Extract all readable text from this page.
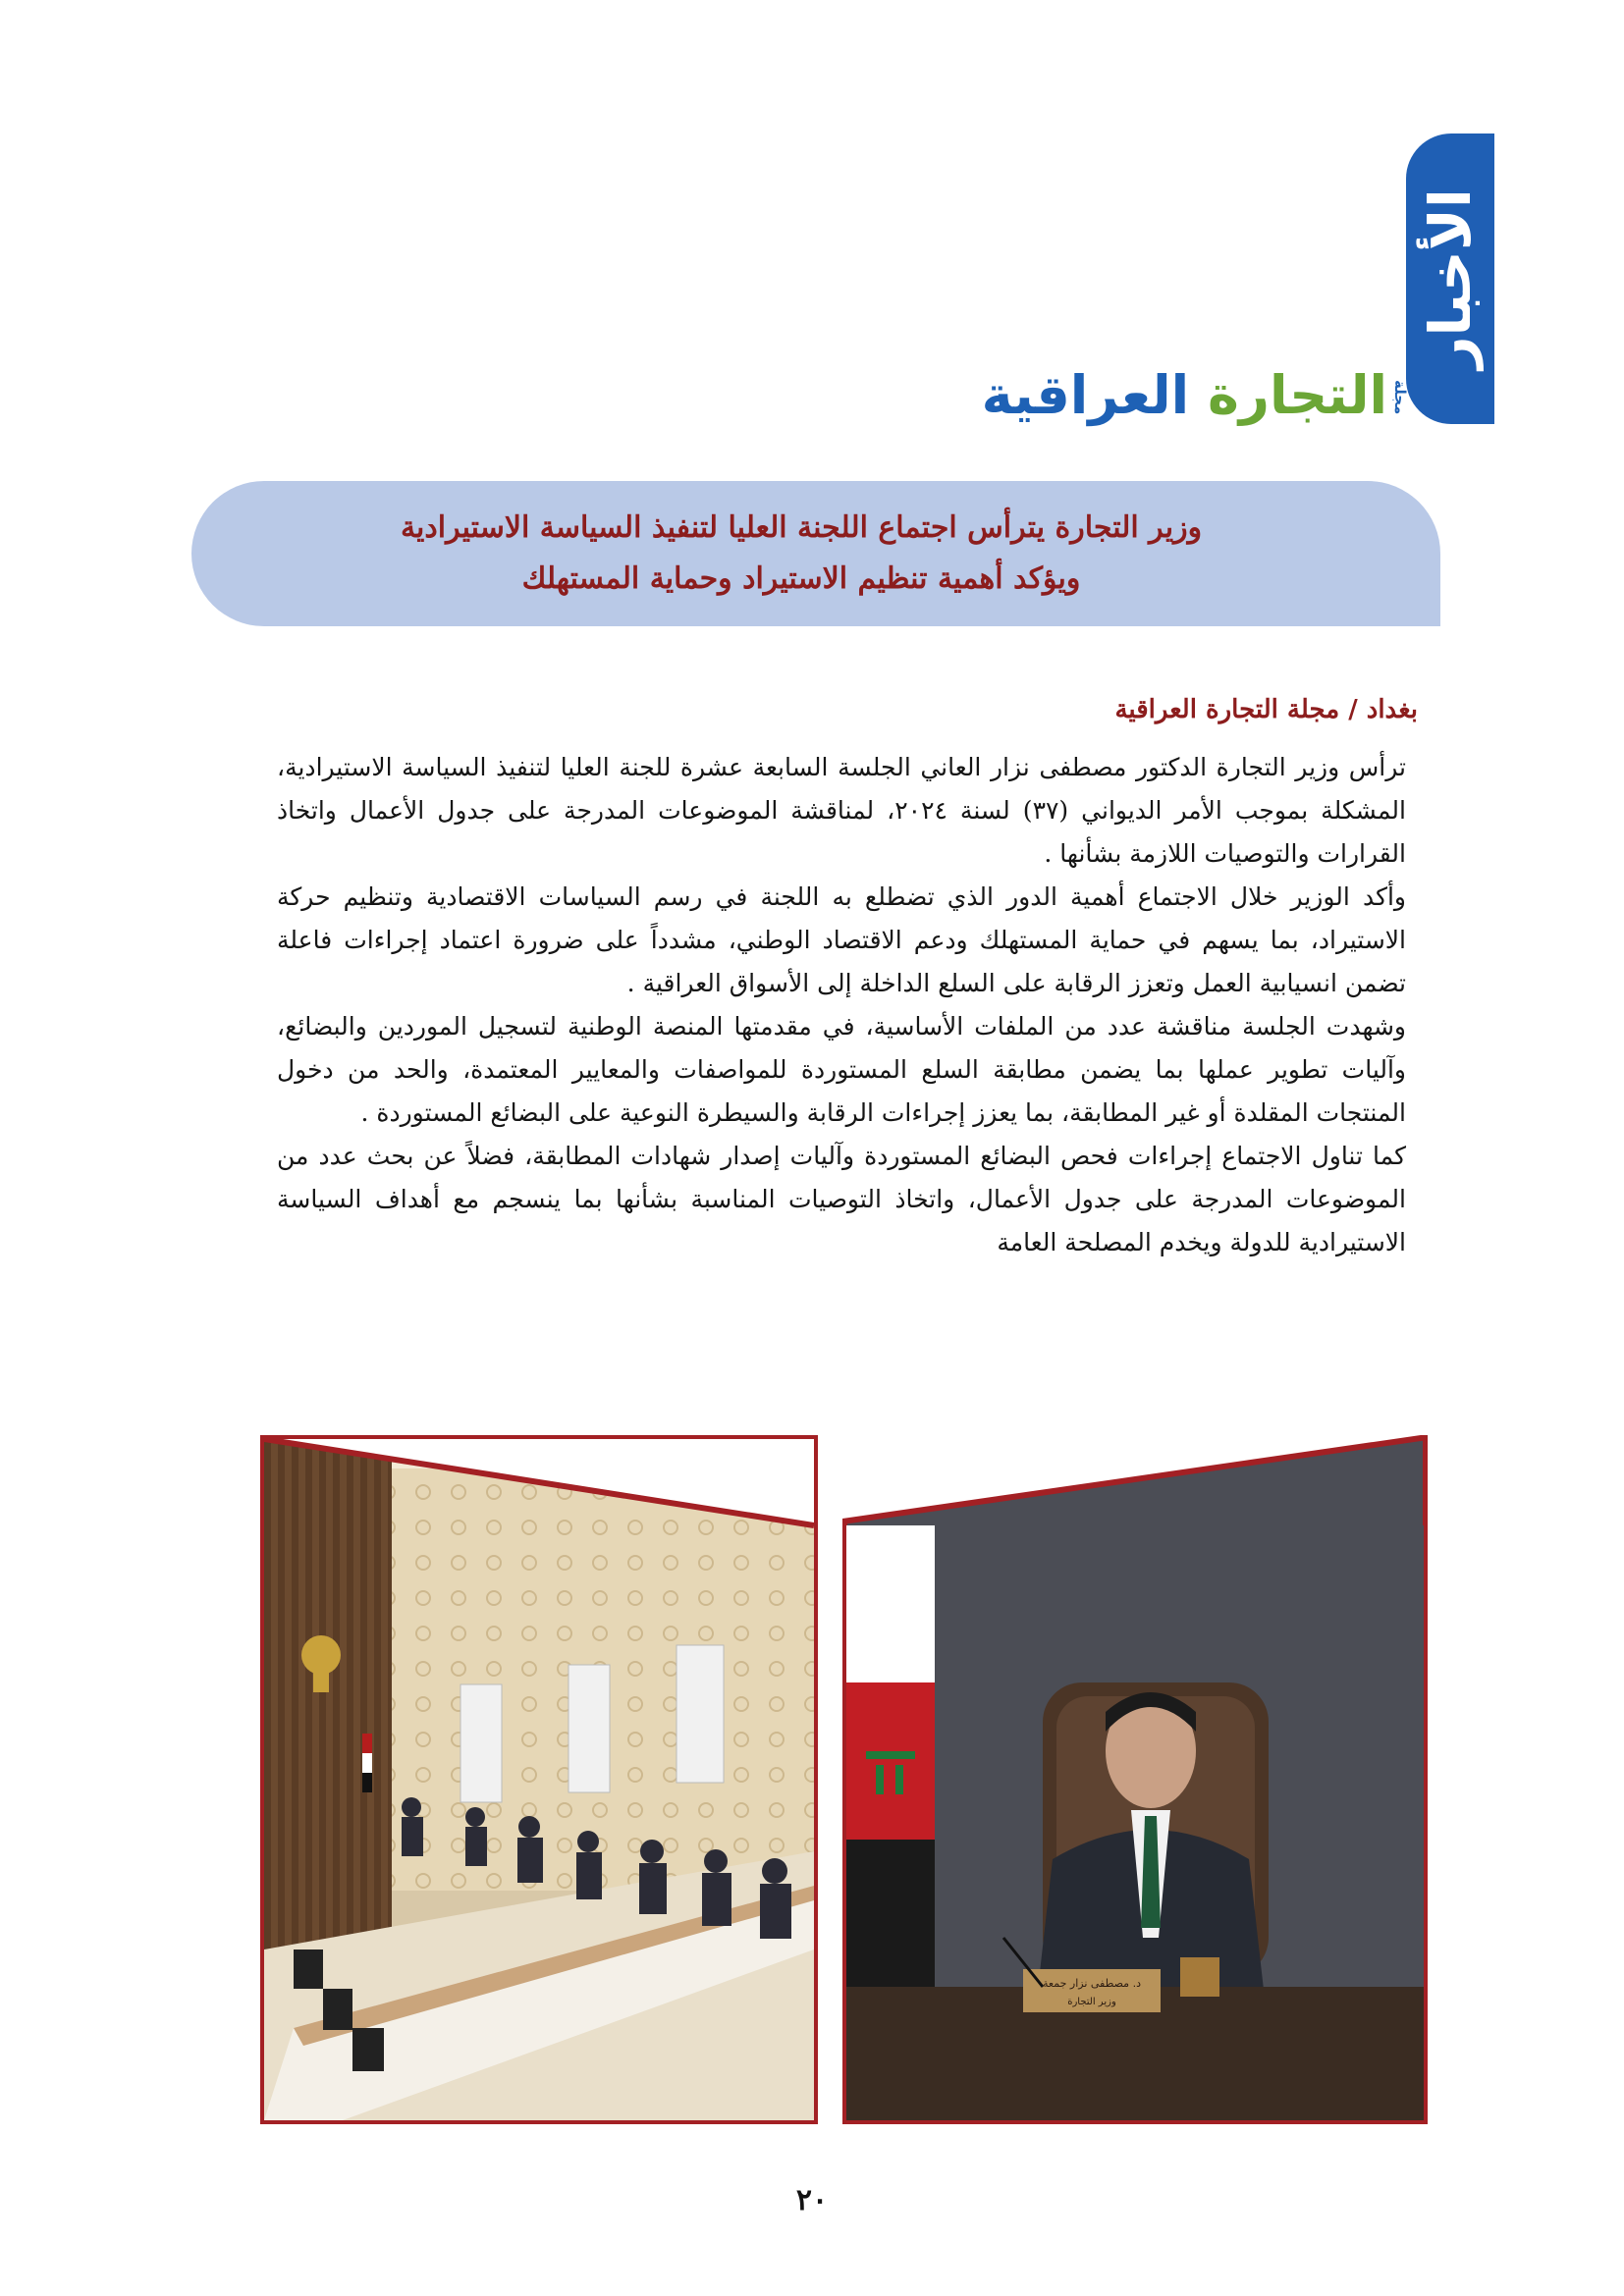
الأخبار
مجلة
التجارة العراقية
وزير التجارة يترأس اجتماع اللجنة العليا لتنفيذ السياسة الاستيرادية
ويؤكد أهمية تنظيم الاستيراد وحماية المستهلك
بغداد / مجلة التجارة العراقية

ترأس وزير التجارة الدكتور مصطفى نزار العاني الجلسة السابعة عشرة للجنة العليا لتنفيذ السياسة الاستيرادية، المشكلة بموجب الأمر الديواني (٣٧) لسنة ٢٠٢٤، لمناقشة الموضوعات المدرجة على جدول الأعمال واتخاذ القرارات والتوصيات اللازمة بشأنها .

وأكد الوزير خلال الاجتماع أهمية الدور الذي تضطلع به اللجنة في رسم السياسات الاقتصادية وتنظيم حركة الاستيراد، بما يسهم في حماية المستهلك ودعم الاقتصاد الوطني، مشدداً على ضرورة اعتماد إجراءات فاعلة تضمن انسيابية العمل وتعزز الرقابة على السلع الداخلة إلى الأسواق العراقية .

وشهدت الجلسة مناقشة عدد من الملفات الأساسية، في مقدمتها المنصة الوطنية لتسجيل الموردين والبضائع، وآليات تطوير عملها بما يضمن مطابقة السلع المستوردة للمواصفات والمعايير المعتمدة، والحد من دخول المنتجات المقلدة أو غير المطابقة، بما يعزز إجراءات الرقابة والسيطرة النوعية على البضائع المستوردة .

كما تناول الاجتماع إجراءات فحص البضائع المستوردة وآليات إصدار شهادات المطابقة، فضلاً عن بحث عدد من الموضوعات المدرجة على جدول الأعمال، واتخاذ التوصيات المناسبة بشأنها بما ينسجم مع أهداف السياسة الاستيرادية للدولة ويخدم المصلحة العامة

د. مصطفى نزار جمعة
وزير التجارة
٢٠
